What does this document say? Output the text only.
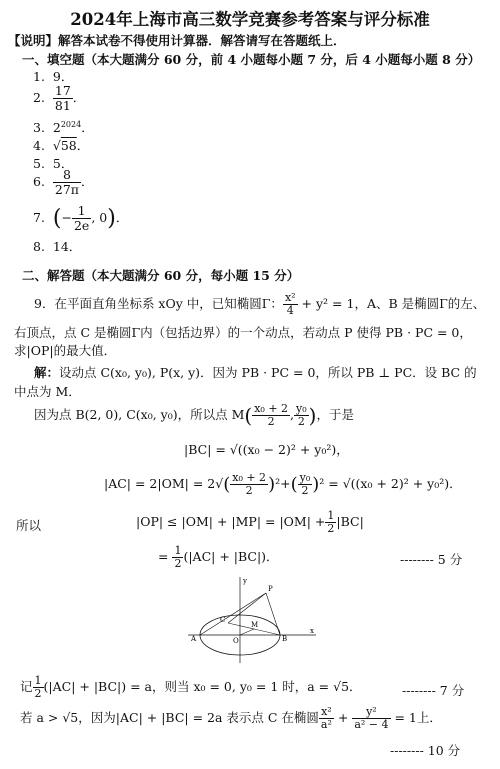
2024年上海市高三数学竞赛参考答案与评分标准
【说明】解答本试卷不得使用计算器．解答请写在答题纸上．
一、填空题（本大题满分 60 分，前 4 小题每小题 7 分，后 4 小题每小题 8 分）
1. 9．
2. $\frac{17}{81}$ ．
3. $2^{2024}$．
4.  √58．
5. 5．
6. $\frac{8}{27\pi}$ ．
7. (− $\frac{1}{2e}$ , 0)．
8. 14．
二、解答题（本大题满分 60 分，每小题 15 分）
9．在平面直角坐标系 xOy 中，已知椭圆Γ： $\frac{\text{x²}}{4} + y^2 = 1$，A、B 是椭圆Γ的左、
右顶点，点 C 是椭圆Γ内（包括边界）的一个动点，若动点 P 使得 PB · PC = 0，
求|OP|的最大值．
解：设动点 C(x₀, y₀), P(x, y)．因为 PB · PC = 0，所以 PB ⊥ PC．设 BC 的
中点为 M．
因为点 B(2, 0), C(x₀, y₀)，所以点 $M( \frac{\text{x₀ + 2}}{2}$ , $\frac{\text{y₀}}{2}$ )，于是
|BC| = √((x₀ − 2)² + y₀²)，
$|AC| = 2|OM| = 2√( \frac{\text{x₀ + 2}}{2} )^2+( \frac{\text{y₀}}{2} )^2 = √((x_0 + 2)^2 + y_0^2)$．
所以	$|OP| \le |OM| + |MP| = |OM| + \frac{1}{2} |BC|$
= $\frac{1}{2} (|AC| + |BC|)$．	-------- 5 分
A	O	B
C
M
P
x
y
记 $\frac{1}{2} (|AC| + |BC|) = a$，则当 x₀ = 0, y₀ = 1 时，a = √5．	-------- 7 分
若 a > √5，因为|AC| + |BC| = 2a 表示点 C 在椭圆 $\frac{\text{x²}}{\text{a²}} + \frac{\text{y²}}{\text{a² − 4}} = 1$上．
-------- 10 分
